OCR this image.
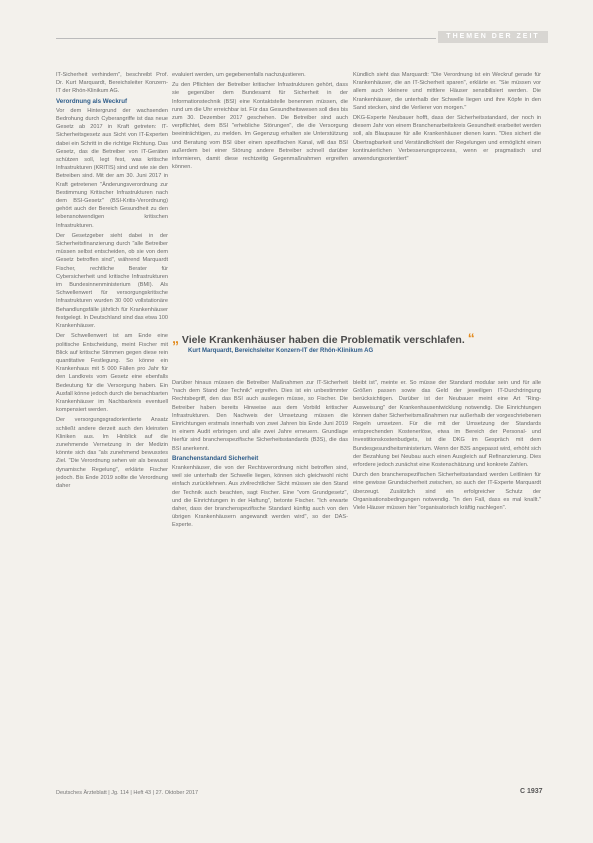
THEMEN DER ZEIT

IT-Sicherheit verhindern", beschreibt Prof. Dr. Kurt Marquardt, Bereichsleiter Konzern-IT der Rhön-Klinikum AG.

Verordnung als Weckruf

Vor dem Hintergrund der wachsenden Bedrohung durch Cyberangriffe ist das neue Gesetz ab 2017 in Kraft getreten: IT-Sicherheitsgesetz aus Sicht von IT-Experten dabei ein Schritt in die richtige Richtung. Das Gesetz, das die Betreiber von IT-Geräten schützen soll, legt fest, was kritische Infrastrukturen (KRITIS) sind und wie sie den Betreiben sind. Mit der am 30. Juni 2017 in Kraft getretenen "Änderungsverordnung zur Bestimmung Kritischer Infrastrukturen nach dem BSI-Gesetz" (BSI-Kritis-Verordnung) gehört auch der Bereich Gesundheit zu den lebensnotwendigen kritischen Infrastrukturen.

Der Gesetzgeber sieht dabei in der Sicherheitsfinanzierung durch "alle Betreiber müssen selbst entscheiden, ob sie von dem Gesetz betroffen sind", während Marquardt Fischer, rechtliche Berater für Cybersicherheit und kritische Infrastrukturen im Bundesinnenministerium (BMI). Als Schwellenwert für versorgungskritische Infrastrukturen wurden 30 000 vollstationäre Behandlungsfälle jährlich für Krankenhäuser festgelegt. In Deutschland sind das etwa 100 Krankenhäuser.

Der Schwellenwert ist am Ende eine politische Entscheidung, meint Fischer mit Blick auf kritische Stimmen gegen diese rein quantitative Festlegung. So könne ein Krankenhaus mit 5 000 Fällen pro Jahr für den Landkreis vom Gesetz eine ebenfalls Bedeutung für die Versorgung haben. Ein Ausfall könne jedoch durch die benachbarten Krankenhäuser im Nachbarkreis eventuell kompensiert werden.

Der versorgungsgradorientierte Ansatz schließt andere derzeit auch den kleinsten Kliniken aus. Im Hinblick auf die zunehmende Vernetzung in der Medizin könnte sich das "als zunehmend bewusstes Ziel. "Die Verordnung sehen wir als bewusst dynamische Regelung", erklärte Fischer jedoch. Bis Ende 2019 sollte die Verordnung daher

evaluiert werden, um gegebenenfalls nachzujustieren.

Zu den Pflichten der Betreiber kritischer Infrastrukturen gehört, dass sie gegenüber dem Bundesamt für Sicherheit in der Informationstechnik (BSI) eine Kontaktstelle benennen müssen, die rund um die Uhr erreichbar ist. Für das Gesundheitswesen soll dies bis zum 30. Dezember 2017 geschehen. Die Betreiber sind auch verpflichtet, dem BSI "erhebliche Störungen", die die Versorgung beeinträchtigen, zu melden. Im Gegenzug erhalten sie Unterstützung und Beratung vom BSI über einen spezifischen Kanal, will das BSI außerdem bei einer Störung andere Betreiber schnell darüber informieren, damit diese rechtzeitig Gegenmaßnahmen ergreifen können.

Kündlich sieht das Marquardt: "Die Verordnung ist ein Weckruf gerade für Krankenhäuser, die an IT-Sicherheit sparen", erklärte er. "Sie müssen vor allem auch kleinere und mittlere Häuser sensibilisiert werden. Die Krankenhäuser, die unterhalb der Schwelle liegen und ihre Köpfe in den Sand stecken, sind die Verlierer von morgen."

DKG-Experte Neubauer hofft, dass der Sicherheitsstandard, der noch in diesem Jahr von einem Branchenarbeitskreis Gesundheit erarbeitet werden soll, als Blaupause für alle Krankenhäuser dienen kann. "Dies sichert die Übertragbarkeit und Verständlichkeit der Regelungen und ermöglicht einen kontinuierlichen Verbesserungsprozess, wenn er pragmatisch und anwendungsorientiert"

„ Viele Krankenhäuser haben die Problematik verschlafen. “
Kurt Marquardt, Bereichsleiter Konzern-IT der Rhön-Klinikum AG

Darüber hinaus müssen die Betreiber Maßnahmen zur IT-Sicherheit "nach dem Stand der Technik" ergreifen. Dies ist ein unbestimmter Rechtsbegriff, den das BSI auch auslegen müsse, so Fischer. Die Betreiber haben bereits Hinweise aus dem Vorbild kritischer Infrastrukturen. Den Nachweis der Umsetzung müssen die Einrichtungen erstmals innerhalb von zwei Jahren bis Ende Juni 2019 in einem Audit erbringen und alle zwei Jahre erneuern. Grundlage hierfür sind branchenspezifische Sicherheitsstandards (B3S), die das BSI anerkennt.

Branchenstandard Sicherheit

Krankenhäuser, die von der Rechtsverordnung nicht betroffen sind, weil sie unterhalb der Schwelle liegen, können sich gleichwohl nicht einfach zurücklehnen. Aus zivilrechtlicher Sicht müssen sie den Stand der Technik auch beachten, sagt Fischer. Eine "vom Grundgesetz", und die Einrichtungen in der Haftung", betonte Fischer. "Ich erwarte daher, dass der branchenspezifische Standard künftig auch von den übrigen Krankenhäusern angewandt werden wird", so der DAS-Experte.

bleibt ist", meinte er. So müsse der Standard modular sein und für alle Größen passen sowie das Geld der jeweiligen IT-Durchdringung berücksichtigen. Darüber ist der Neubauer meint eine Art "Ring-Ausweisung" der Krankenhausentwicklung notwendig. Die Einrichtungen können daher Sicherheitsmaßnahmen nur außerhalb der vorgeschriebenen Regeln umsetzen. Für die mit der Umsetzung der Standards entsprechenden Kostenerlöse, etwa im Bereich der Personal- und Investitionskostenbudgets, ist die DKG im Gespräch mit dem Bundesgesundheitsministerium. Wenn der B3S angepasst wird, erhöht sich der Bezahlung bei Neubau auch einen Ausgleich auf Refinanzierung. Dies erfordere jedoch zunächst eine Kostenschätzung und konkrete Zahlen.

Durch den branchenspezifischen Sicherheitsstandard werden Leitlinien für eine gewisse Grundsicherheit zwischen, so auch der IT-Experte Marquardt überzeugt. Zusätzlich sind ein erfolgreicher Schutz der Organisationsbedingungen notwendig. "In den Fall, dass es mal knallt." Viele Häuser müssen hier "organisatorisch kräftig nachlegen".

Deutsches Ärzteblatt | Jg. 114 | Heft 43 | 27. Oktober 2017	C 1937
